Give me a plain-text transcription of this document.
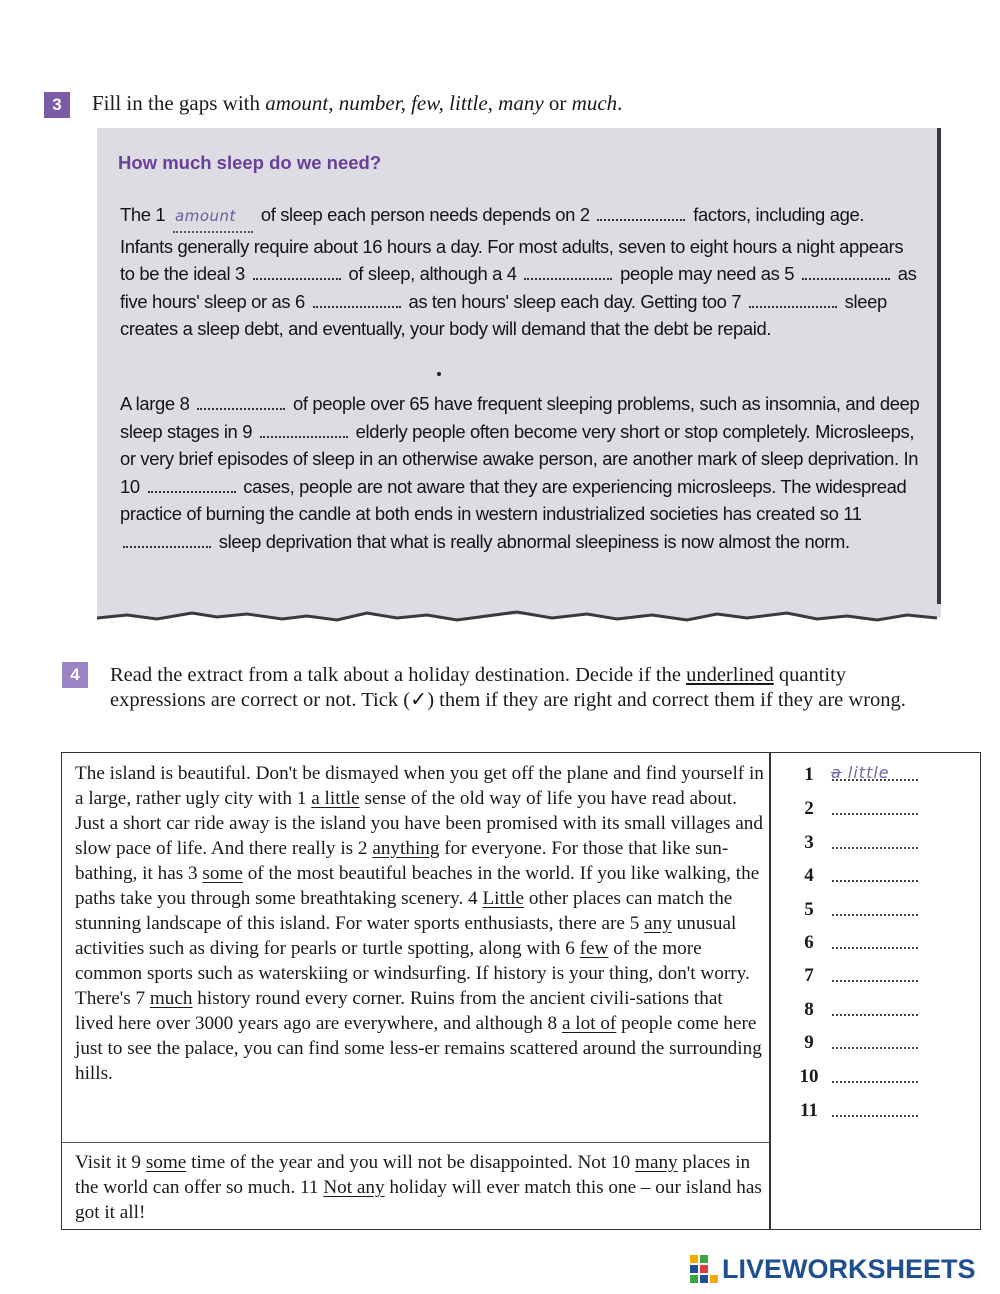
3	Fill in the gaps with amount, number, few, little, many or much.
How much sleep do we need?
The 1 amount of sleep each person needs depends on 2	factors, including age. Infants generally require about 16 hours a day. For most adults, seven to eight hours a night appears to be the ideal 3	of sleep, although a 4	people may need as 5	as five hours' sleep or as 6	as ten hours' sleep each day. Getting too 7	sleep creates a sleep debt, and eventually, your body will demand that the debt be repaid.
A large 8	of people over 65 have frequent sleeping problems, such as insomnia, and deep sleep stages in 9	elderly people often become very short or stop completely. Microsleeps, or very brief episodes of sleep in an otherwise awake person, are another mark of sleep deprivation. In 10	cases, people are not aware that they are experiencing microsleeps. The widespread practice of burning the candle at both ends in western industrialized societies has created so 11  sleep deprivation that what is really abnormal sleepiness is now almost the norm.
4	Read the extract from a talk about a holiday destination. Decide if the underlined quantity expressions are correct or not. Tick (✓) them if they are right and correct them if they are wrong.
The island is beautiful. Don't be dismayed when you get off the plane and find yourself in a large, rather ugly city with 1 a little sense of the old way of life you have read about. Just a short car ride away is the island you have been promised with its small villages and slow pace of life. And there really is 2 anything for everyone. For those that like sun-bathing, it has 3 some of the most beautiful beaches in the world. If you like walking, the paths take you through some breathtaking scenery. 4 Little other places can match the stunning landscape of this island. For water sports enthusiasts, there are 5 any unusual activities such as diving for pearls or turtle spotting, along with 6 few of the more common sports such as waterskiing or windsurfing. If history is your thing, don't worry. There's 7 much history round every corner. Ruins from the ancient civili-sations that lived here over 3000 years ago are everywhere, and although 8 a lot of people come here just to see the palace, you can find some less-er remains scattered around the surrounding hills.
Visit it 9 some time of the year and you will not be disappointed. Not 10 many places in the world can offer so much. 11 Not any holiday will ever match this one – our island has got it all!
1	a little
2
3
4
5
6
7
8
9
10
11
LIVEWORKSHEETS
